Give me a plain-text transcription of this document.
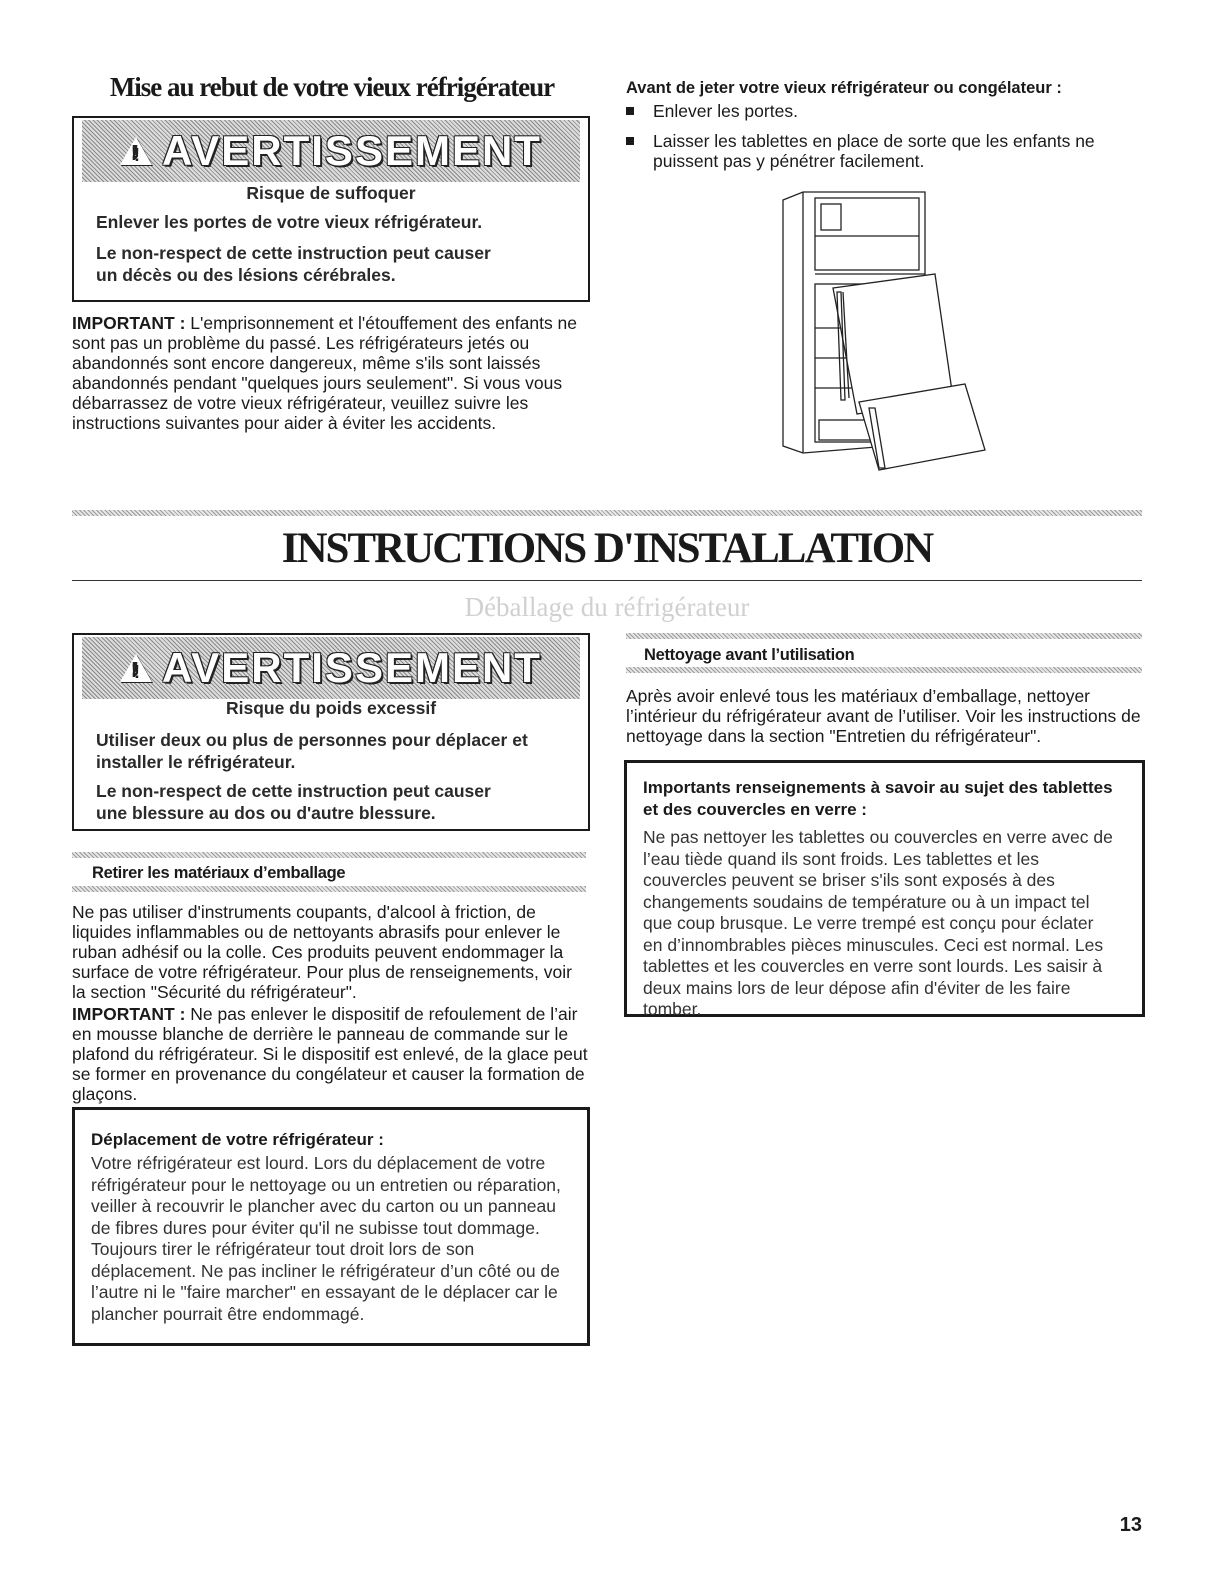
Mise au rebut de votre vieux réfrigérateur
!
AVERTISSEMENT
Risque de suffoquer
Enlever les portes de votre vieux réfrigérateur.
Le non-respect de cette instruction peut causer
un décès ou des lésions cérébrales.
IMPORTANT : L'emprisonnement et l'étouffement des enfants ne
sont pas un problème du passé. Les réfrigérateurs jetés ou
abandonnés sont encore dangereux, même s'ils sont laissés
abandonnés pendant "quelques jours seulement". Si vous vous
débarrassez de votre vieux réfrigérateur, veuillez suivre les
instructions suivantes pour aider à éviter les accidents.
Avant de jeter votre vieux réfrigérateur ou congélateur :
Enlever les portes.
Laisser les tablettes en place de sorte que les enfants ne
puissent pas y pénétrer facilement.
INSTRUCTIONS D'INSTALLATION
Déballage du réfrigérateur
!
AVERTISSEMENT
Risque du poids excessif
Utiliser deux ou plus de personnes pour déplacer et
installer le réfrigérateur.
Le non-respect de cette instruction peut causer
une blessure au dos ou d'autre blessure.
Retirer les matériaux d’emballage
Ne pas utiliser d'instruments coupants, d'alcool à friction, de
liquides inflammables ou de nettoyants abrasifs pour enlever le
ruban adhésif ou la colle. Ces produits peuvent endommager la
surface de votre réfrigérateur. Pour plus de renseignements, voir
la section "Sécurité du réfrigérateur".
IMPORTANT : Ne pas enlever le dispositif de refoulement de l’air
en mousse blanche de derrière le panneau de commande sur le
plafond du réfrigérateur. Si le dispositif est enlevé, de la glace peut
se former en provenance du congélateur et causer la formation de
glaçons.
Déplacement de votre réfrigérateur :
Votre réfrigérateur est lourd. Lors du déplacement de votre
réfrigérateur pour le nettoyage ou un entretien ou réparation,
veiller à recouvrir le plancher avec du carton ou un panneau
de fibres dures pour éviter qu'il ne subisse tout dommage.
Toujours tirer le réfrigérateur tout droit lors de son
déplacement. Ne pas incliner le réfrigérateur d’un côté ou de
l’autre ni le "faire marcher" en essayant de le déplacer car le
plancher pourrait être endommagé.
Nettoyage avant l’utilisation
Après avoir enlevé tous les matériaux d’emballage, nettoyer
l’intérieur du réfrigérateur avant de l’utiliser. Voir les instructions de
nettoyage dans la section "Entretien du réfrigérateur".
Importants renseignements à savoir au sujet des tablettes
et des couvercles en verre :
Ne pas nettoyer les tablettes ou couvercles en verre avec de
l’eau tiède quand ils sont froids. Les tablettes et les
couvercles peuvent se briser s'ils sont exposés à des
changements soudains de température ou à un impact tel
que coup brusque. Le verre trempé est conçu pour éclater
en d’innombrables pièces minuscules. Ceci est normal. Les
tablettes et les couvercles en verre sont lourds. Les saisir à
deux mains lors de leur dépose afin d'éviter de les faire
tomber.
13
